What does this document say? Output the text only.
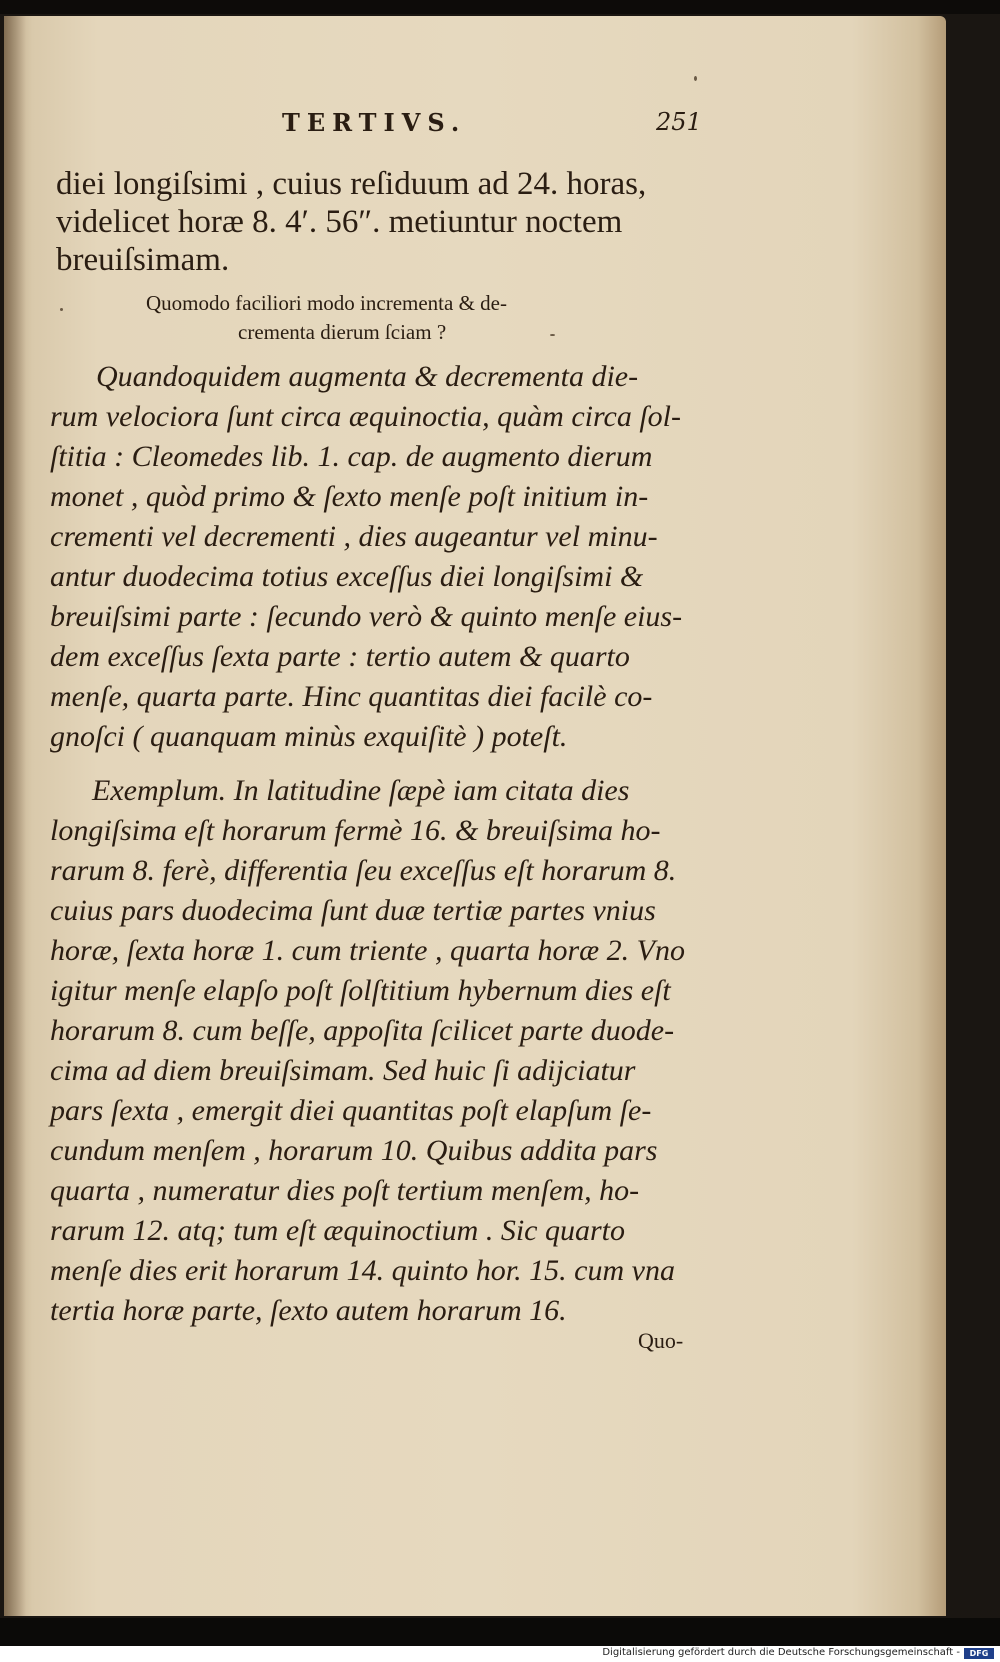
TERTIVS.	251
diei longiſsimi , cuius reſiduum ad 24. horas,
videlicet horæ 8. 4′. 56″. metiuntur noctem
breuiſsimam.
Quomodo faciliori modo incrementa & de-
crementa dierum ſciam ?
Quandoquidem augmenta & decrementa die-
rum velociora ſunt circa æquinoctia, quàm circa ſol-
ſtitia : Cleomedes lib. 1. cap. de augmento dierum
monet , quòd primo & ſexto menſe poſt initium in-
crementi vel decrementi , dies augeantur vel minu-
antur duodecima totius exceſſus diei longiſsimi &
breuiſsimi parte : ſecundo verò & quinto menſe eius-
dem exceſſus ſexta parte : tertio autem & quarto
menſe, quarta parte. Hinc quantitas diei facilè co-
gnoſci ( quanquam minùs exquiſitè ) poteſt.
Exemplum. In latitudine ſæpè iam citata dies
longiſsima eſt horarum fermè 16. & breuiſsima ho-
rarum 8. ferè, differentia ſeu exceſſus eſt horarum 8.
cuius pars duodecima ſunt duæ tertiæ partes vnius
horæ, ſexta horæ 1. cum triente , quarta horæ 2. Vno
igitur menſe elapſo poſt ſolſtitium hybernum dies eſt
horarum 8. cum beſſe, appoſita ſcilicet parte duode-
cima ad diem breuiſsimam. Sed huic ſi adijciatur
pars ſexta , emergit diei quantitas poſt elapſum ſe-
cundum menſem , horarum 10. Quibus addita pars
quarta , numeratur dies poſt tertium menſem, ho-
rarum 12. atq; tum eſt æquinoctium . Sic quarto
menſe dies erit horarum 14. quinto hor. 15. cum vna
tertia horæ parte, ſexto autem horarum 16.
Quo-
Digitalisierung gefördert durch die Deutsche Forschungsgemeinschaft -	DFG
